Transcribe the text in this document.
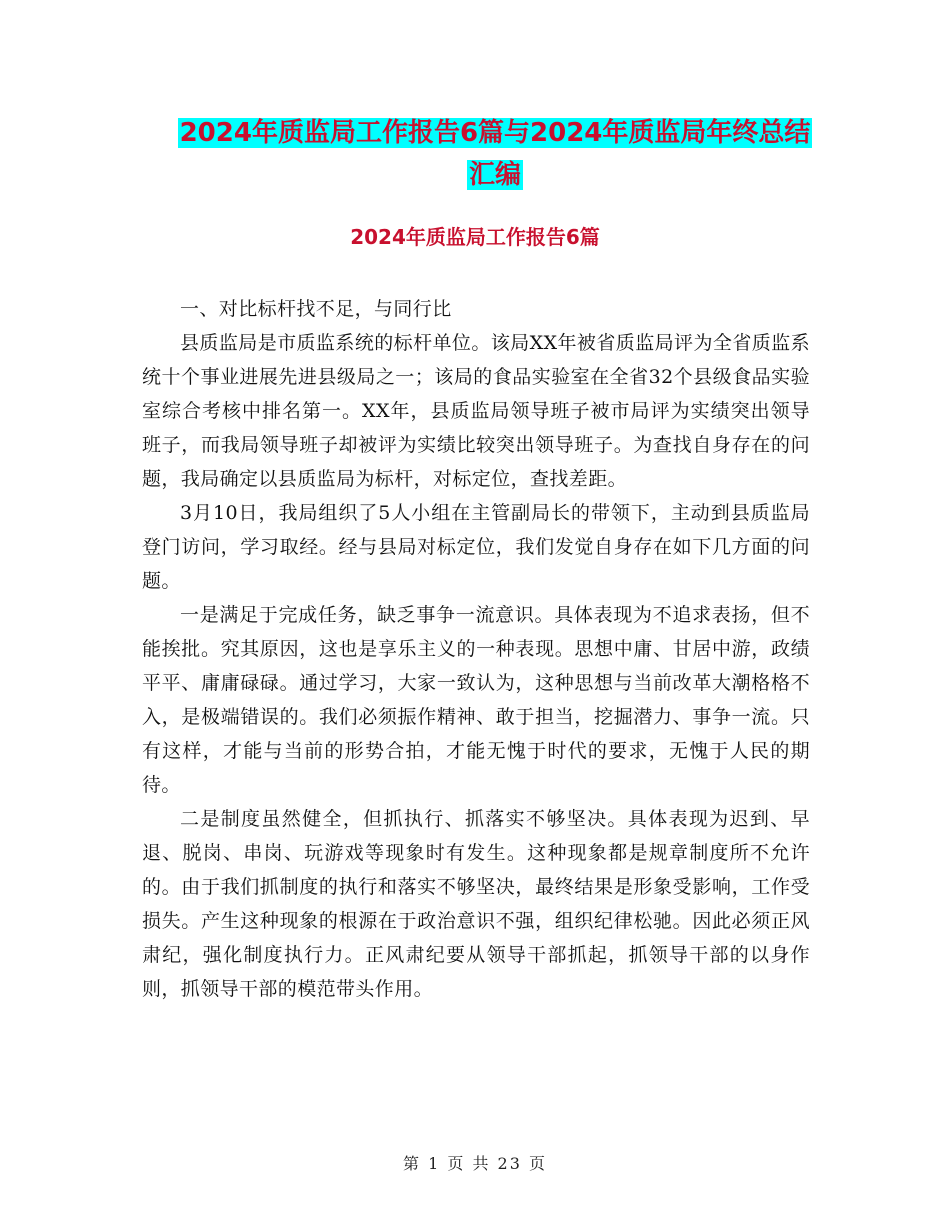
2024年质监局工作报告6篇与2024年质监局年终总结
汇编
2024年质监局工作报告6篇

一、对比标杆找不足，与同行比

县质监局是市质监系统的标杆单位。该局XX年被省质监局评为全省质监系统十个事业进展先进县级局之一；该局的食品实验室在全省32个县级食品实验室综合考核中排名第一。XX年，县质监局领导班子被市局评为实绩突出领导班子，而我局领导班子却被评为实绩比较突出领导班子。为查找自身存在的问题，我局确定以县质监局为标杆，对标定位，查找差距。

3月10日，我局组织了5人小组在主管副局长的带领下，主动到县质监局登门访问，学习取经。经与县局对标定位，我们发觉自身存在如下几方面的问题。

一是满足于完成任务，缺乏事争一流意识。具体表现为不追求表扬，但不能挨批。究其原因，这也是享乐主义的一种表现。思想中庸、甘居中游，政绩平平、庸庸碌碌。通过学习，大家一致认为，这种思想与当前改革大潮格格不入，是极端错误的。我们必须振作精神、敢于担当，挖掘潜力、事争一流。只有这样，才能与当前的形势合拍，才能无愧于时代的要求，无愧于人民的期待。

二是制度虽然健全，但抓执行、抓落实不够坚决。具体表现为迟到、早退、脱岗、串岗、玩游戏等现象时有发生。这种现象都是规章制度所不允许的。由于我们抓制度的执行和落实不够坚决，最终结果是形象受影响，工作受损失。产生这种现象的根源在于政治意识不强，组织纪律松驰。因此必须正风肃纪，强化制度执行力。正风肃纪要从领导干部抓起，抓领导干部的以身作则，抓领导干部的模范带头作用。

第 1 页 共 23 页
